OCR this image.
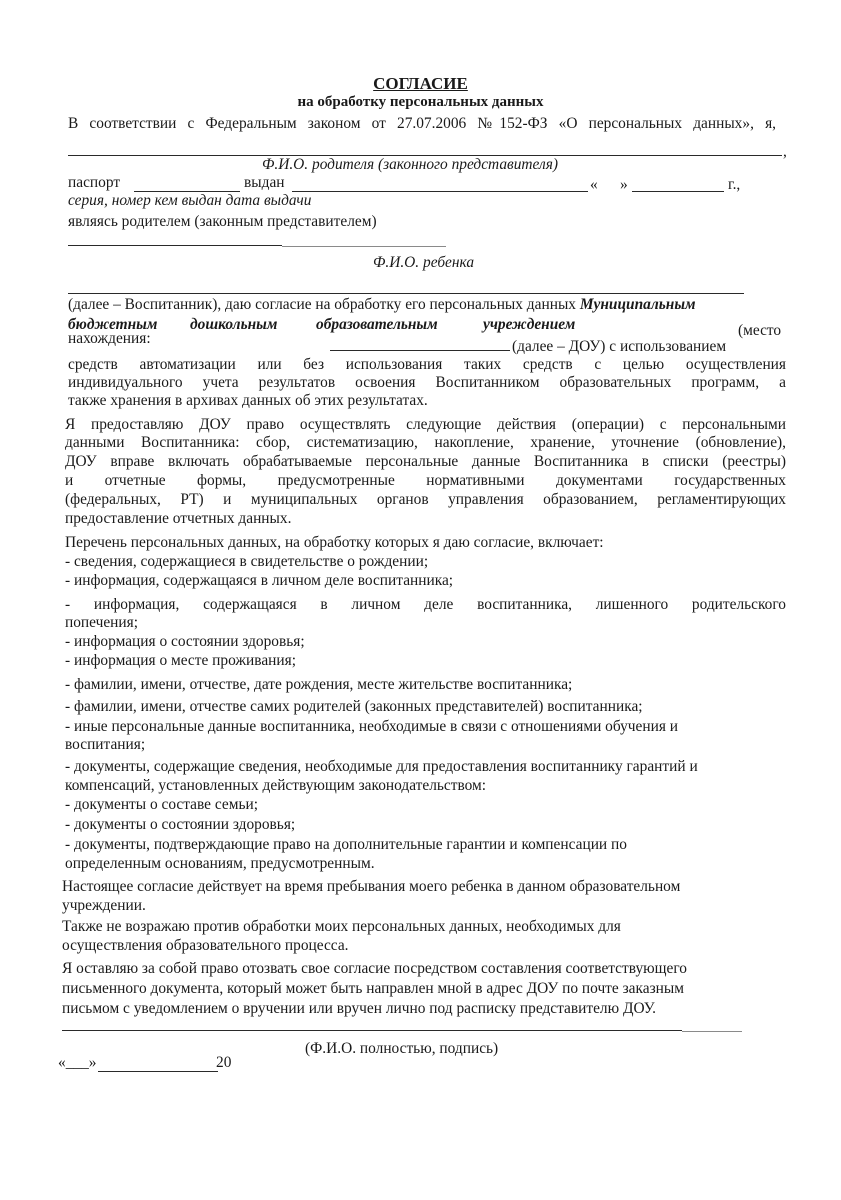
СОГЛАСИЕ
на обработку персональных данных
В соответствии с Федеральным законом от 27.07.2006 №152-ФЗ «О персональных данных», я,
,
Ф.И.О. родителя (законного представителя)
паспорт	выдан	« »	г.,
серия, номер кем выдан дата выдачи
являясь родителем (законным представителем)
Ф.И.О. ребенка
(далее – Воспитанник), даю согласие на обработку его персональных данных Муниципальным
бюджетным дошкольным	образовательным	учреждением	(место
нахождения:	(далее – ДОУ) с использованием
средств автоматизации или без использования таких средств с целью осуществления
индивидуального учета результатов освоения Воспитанником образовательных программ, а
также хранения в архивах данных об этих результатах.
Я предоставляю ДОУ право осуществлять следующие действия (операции) с персональными
данными Воспитанника: сбор, систематизацию, накопление, хранение, уточнение (обновление),
ДОУ вправе включать обрабатываемые персональные данные Воспитанника в списки (реестры)
и отчетные формы, предусмотренные нормативными документами государственных
(федеральных, РТ) и муниципальных органов управления образованием, регламентирующих
предоставление отчетных данных.
Перечень персональных данных, на обработку которых я даю согласие, включает:
- сведения, содержащиеся в свидетельстве о рождении;
- информация, содержащаяся в личном деле воспитанника;
- информация, содержащаяся в личном деле воспитанника, лишенного родительского
попечения;
- информация о состоянии здоровья;
- информация о месте проживания;
- фамилии, имени, отчестве, дате рождения, месте жительстве воспитанника;
- фамилии, имени, отчестве самих родителей (законных представителей) воспитанника;
- иные персональные данные воспитанника, необходимые в связи с отношениями обучения и
воспитания;
- документы, содержащие сведения, необходимые для предоставления воспитаннику гарантий и
компенсаций, установленных действующим законодательством:
- документы о составе семьи;
- документы о состоянии здоровья;
- документы, подтверждающие право на дополнительные гарантии и компенсации по
определенным основаниям, предусмотренным.
Настоящее согласие действует на время пребывания моего ребенка в данном образовательном
учреждении.
Также не возражаю против обработки моих персональных данных, необходимых для
осуществления образовательного процесса.
Я оставляю за собой право отозвать свое согласие посредством составления соответствующего
письменного документа, который может быть направлен мной в адрес ДОУ по почте заказным
письмом с уведомлением о вручении или вручен лично под расписку представителю ДОУ.
(Ф.И.О. полностью, подпись)
«___»	20
